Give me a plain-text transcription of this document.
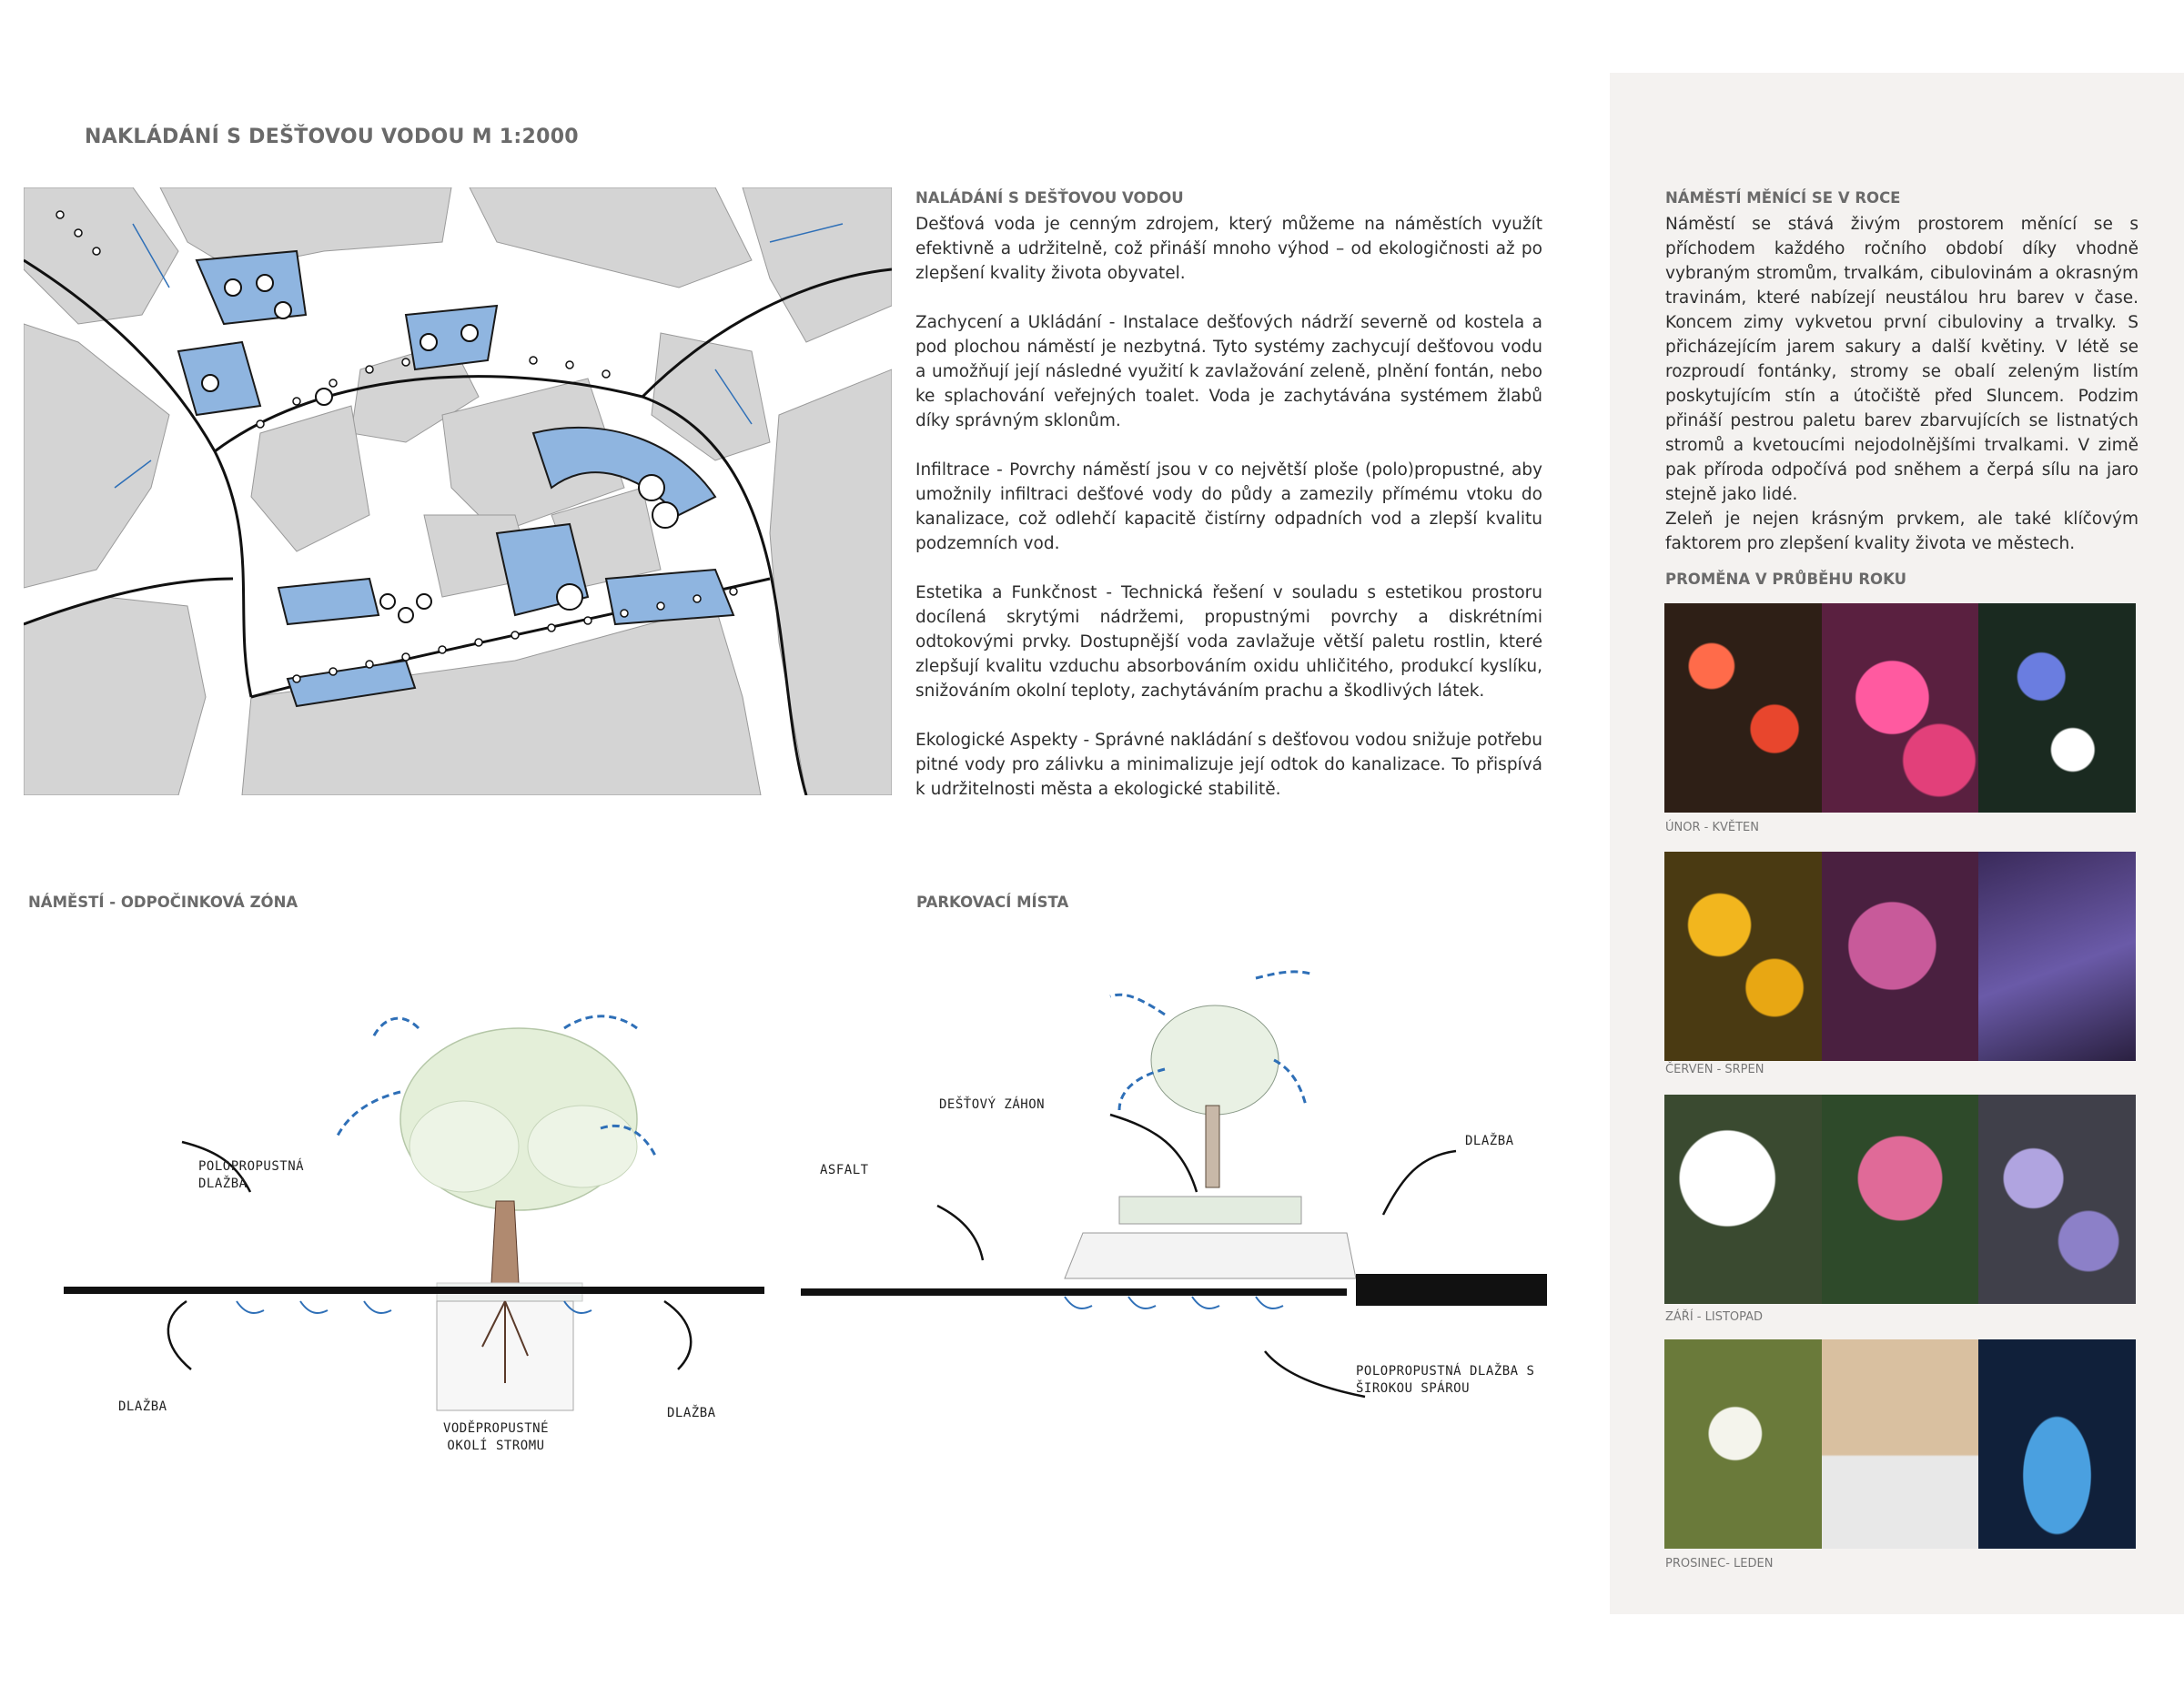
NAKLÁDÁNÍ S DEŠŤOVOU VODOU M 1:2000
NALÁDÁNÍ S DEŠŤOVOU VODOU

Dešťová voda je cenným zdrojem, který můžeme na náměstích využít efektivně a udržitelně, což přináší mnoho výhod – od ekologičnosti až po zlepšení kvality života obyvatel.

Zachycení a Ukládání - Instalace dešťových nádrží severně od kostela a pod plochou náměstí je nezbytná. Tyto systémy zachycují dešťovou vodu a umožňují její následné využití k zavlažování zeleně, plnění fontán, nebo ke splachování veřejných toalet. Voda je zachytávána systémem žlabů díky správným sklonům.

Infiltrace - Povrchy náměstí jsou v co největší ploše (polo)propustné, aby umožnily infiltraci dešťové vody do půdy a zamezily přímému vtoku do kanalizace, což odlehčí kapacitě čistírny odpadních vod a zlepší kvalitu podzemních vod.

Estetika a Funkčnost - Technická řešení v souladu s estetikou prostoru docílená skrytými nádržemi, propustnými povrchy a diskrétními odtokovými prvky. Dostupnější voda zavlažuje větší paletu rostlin, které zlepšují kvalitu vzduchu absorbováním oxidu uhličitého, produkcí kyslíku, snižováním okolní teploty, zachytáváním prachu a škodlivých látek.

Ekologické Aspekty - Správné nakládání s dešťovou vodou snižuje potřebu pitné vody pro zálivku a minimalizuje její odtok do kanalizace. To přispívá k udržitelnosti města a ekologické stabilitě.

NÁMĚSTÍ - ODPOČINKOVÁ ZÓNA	PARKOVACÍ MÍSTA
POLOPROPUSTNÁ DLAŽBA
DLAŽBA	DLAŽBA
VODĚPROPUSTNÉ OKOLÍ STROMU
DEŠŤOVÝ ZÁHON
ASFALT
DLAŽBA
POLOPROPUSTNÁ DLAŽBA S ŠIROKOU SPÁROU
NÁMĚSTÍ MĚNÍCÍ SE V ROCE

Náměstí se stává živým prostorem měnící se s příchodem každého ročního období díky vhodně vybraným stromům, trvalkám, cibulovinám a okrasným travinám, které nabízejí neustálou hru barev v čase. Koncem zimy vykvetou první cibuloviny a trvalky. S přicházejícím jarem sakury a další květiny. V létě se rozproudí fontánky, stromy se obalí zeleným listím poskytujícím stín a útočiště před Sluncem. Podzim přináší pestrou paletu barev zbarvujících se listnatých stromů a kvetoucími nejodolnějšími trvalkami. V zimě pak příroda odpočívá pod sněhem a čerpá sílu na jaro stejně jako lidé.

Zeleň je nejen krásným prvkem, ale také klíčovým faktorem pro zlepšení kvality života ve městech.

PROMĚNA V PRŮBĚHU ROKU
ÚNOR - KVĚTEN
ČERVEN - SRPEN
ZÁŘÍ - LISTOPAD
PROSINEC- LEDEN
